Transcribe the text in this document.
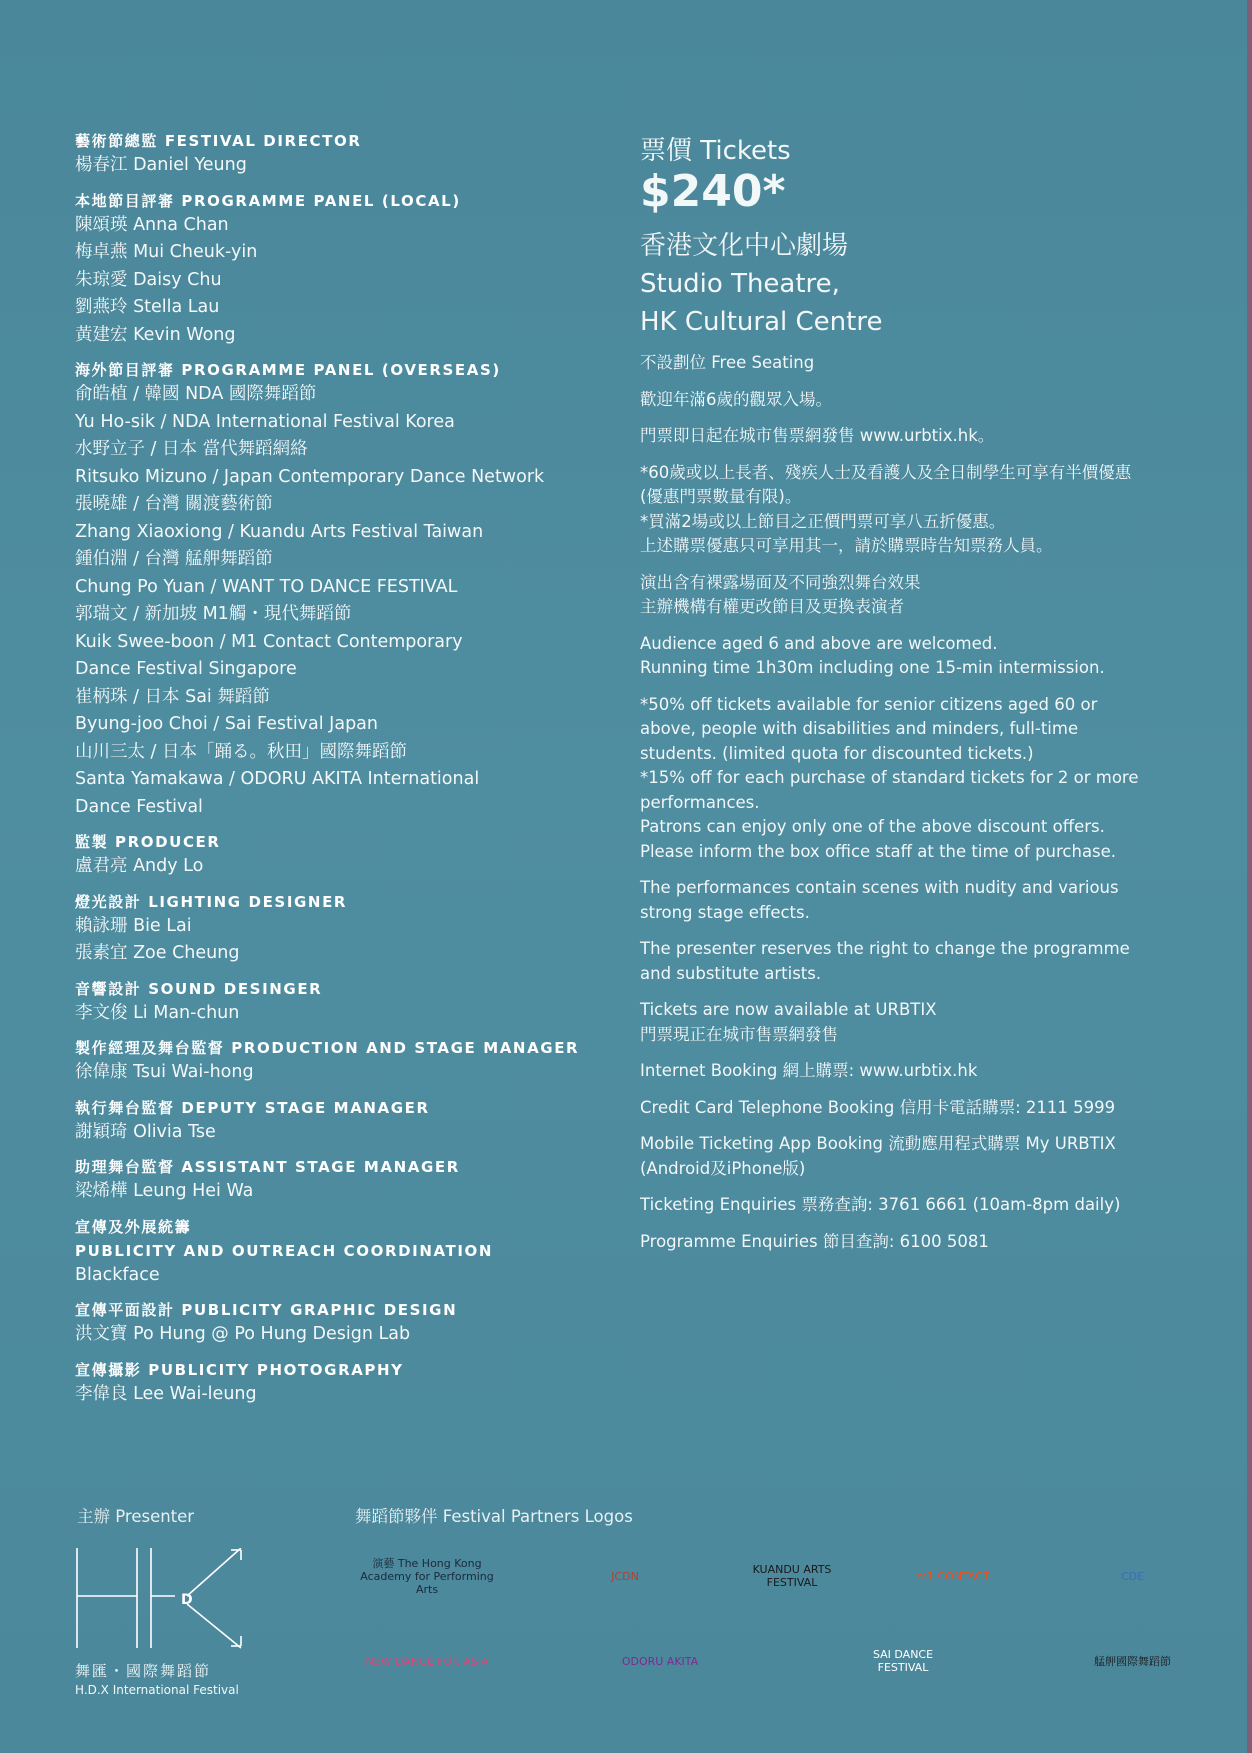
藝術節總監 FESTIVAL DIRECTOR
楊春江 Daniel Yeung
本地節目評審 PROGRAMME PANEL (LOCAL)
陳頌瑛 Anna Chan
梅卓燕 Mui Cheuk-yin
朱琼愛 Daisy Chu
劉燕玲 Stella Lau
黃建宏 Kevin Wong
海外節目評審 PROGRAMME PANEL (OVERSEAS)
俞皓植 / 韓國 NDA 國際舞蹈節
Yu Ho-sik / NDA International Festival Korea
水野立子 / 日本 當代舞蹈網絡
Ritsuko Mizuno / Japan Contemporary Dance Network
張曉雄 / 台灣 關渡藝術節
Zhang Xiaoxiong / Kuandu Arts Festival Taiwan
鍾伯淵 / 台灣 艋舺舞蹈節
Chung Po Yuan / WANT TO DANCE FESTIVAL
郭瑞文 / 新加坡 M1觸・現代舞蹈節
Kuik Swee-boon / M1 Contact Contemporary
Dance Festival Singapore
崔柄珠 / 日本 Sai 舞蹈節
Byung-joo Choi / Sai Festival Japan
山川三太 / 日本「踊る。秋田」國際舞蹈節
Santa Yamakawa / ODORU AKITA International
Dance Festival
監製 PRODUCER
盧君亮 Andy Lo
燈光設計 LIGHTING DESIGNER
賴詠珊 Bie Lai
張素宜 Zoe Cheung
音響設計 SOUND DESINGER
李文俊 Li Man-chun
製作經理及舞台監督 PRODUCTION AND STAGE MANAGER
徐偉康 Tsui Wai-hong
執行舞台監督 DEPUTY STAGE MANAGER
謝穎琦 Olivia Tse
助理舞台監督 ASSISTANT STAGE MANAGER
梁烯樺 Leung Hei Wa
宣傳及外展統籌
PUBLICITY AND OUTREACH COORDINATION
Blackface
宣傳平面設計 PUBLICITY GRAPHIC DESIGN
洪文寶 Po Hung @ Po Hung Design Lab
宣傳攝影 PUBLICITY PHOTOGRAPHY
李偉良 Lee Wai-leung
票價 Tickets
$240*
香港文化中心劇場
Studio Theatre,
HK Cultural Centre
不設劃位 Free Seating
歡迎年滿6歲的觀眾入場。
門票即日起在城市售票網發售 www.urbtix.hk。
*60歲或以上長者、殘疾人士及看護人及全日制學生可享有半價優惠
(優惠門票數量有限)。
*買滿2場或以上節目之正價門票可享八五折優惠。
上述購票優惠只可享用其一，請於購票時告知票務人員。
演出含有裸露場面及不同強烈舞台效果
主辦機構有權更改節目及更換表演者
Audience aged 6 and above are welcomed.
Running time 1h30m including one 15-min intermission.
*50% off tickets available for senior citizens aged 60 or
above, people with disabilities and minders, full-time
students. (limited quota for discounted tickets.)
*15% off for each purchase of standard tickets for 2 or more
performances.
Patrons can enjoy only one of the above discount offers.
Please inform the box office staff at the time of purchase.
The performances contain scenes with nudity and various
strong stage effects.
The presenter reserves the right to change the programme
and substitute artists.
Tickets are now available at URBTIX
門票現正在城市售票網發售
Internet Booking 網上購票: www.urbtix.hk
Credit Card Telephone Booking 信用卡電話購票: 2111 5999
Mobile Ticketing App Booking 流動應用程式購票 My URBTIX
(Android及iPhone版)
Ticketing Enquiries 票務查詢: 3761 6661 (10am-8pm daily)
Programme Enquiries 節目查詢: 6100 5081
主辦 Presenter	舞蹈節夥伴 Festival Partners Logos
D
舞匯・國際舞蹈節
H.D.X International Festival
演藝 The Hong Kong Academy for Performing Arts
JCDN	KUANDU ARTS FESTIVAL	m1 CONTACT	CDE
NEW DANCE FOR ASIA	ODORU AKITA	SAI DANCE FESTIVAL	艋舺國際舞蹈節
